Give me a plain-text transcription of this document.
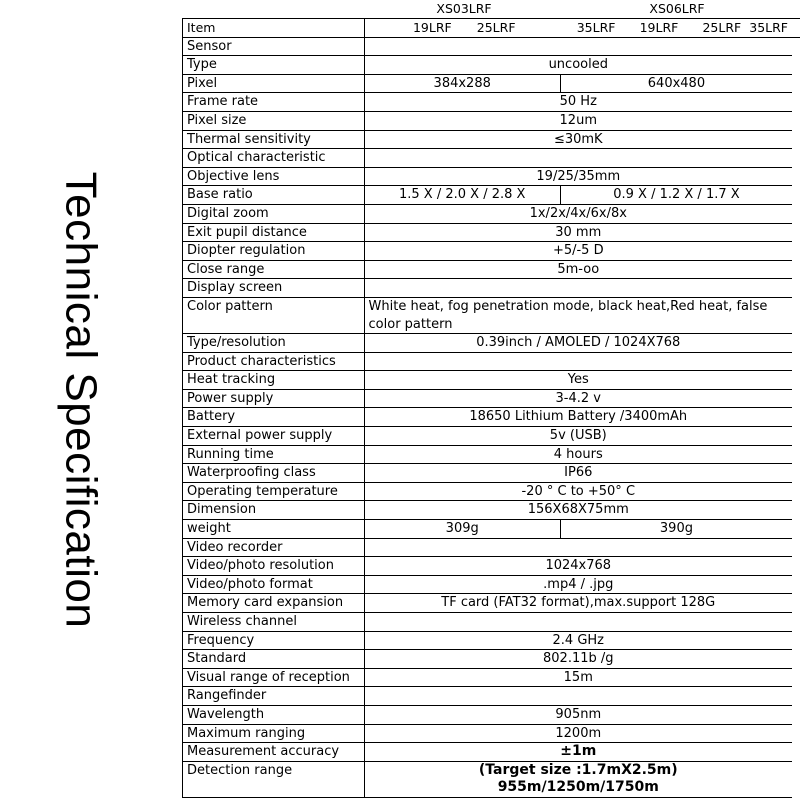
Technical Specification
XS03LRF	XS06LRF
Item	19LRF	25LRF	35LRF		19LRF	25LRF	35LRF	
Sensor								
Type	uncooled							
Pixel	384x288			640x480				
Frame rate	50 Hz							
Pixel size	12um							
Thermal sensitivity	≤30mK							
Optical characteristic								
Objective lens	19/25/35mm							
Base ratio	1.5 X / 2.0 X / 2.8 X			0.9 X / 1.2 X / 1.7 X				
Digital zoom	1x/2x/4x/6x/8x							
Exit pupil distance	30 mm							
Diopter regulation	+5/-5 D							
Close range	5m-oo							
Display screen								
Color pattern	White heat, fog penetration mode, black heat,Red heat, false color pattern							
Type/resolution	0.39inch / AMOLED / 1024X768							
Product characteristics								
Heat tracking	Yes							
Power supply	3-4.2 v							
Battery	18650 Lithium Battery /3400mAh							
External power supply	5v (USB)							
Running time	4 hours							
Waterproofing class	IP66							
Operating temperature	-20 ° C to +50° C							
Dimension	156X68X75mm							
weight	309g			390g				
Video recorder								
Video/photo resolution	1024x768							
Video/photo format	.mp4 / .jpg							
Memory card expansion	TF card (FAT32 format),max.support 128G							
Wireless channel								
Frequency	2.4 GHz							
Standard	802.11b /g							
Visual range of reception	15m							
Rangefinder								
Wavelength	905nm							
Maximum ranging	1200m							
Measurement accuracy	±1m							
Detection range	(Target size :1.7mX2.5m)
955m/1250m/1750m							
